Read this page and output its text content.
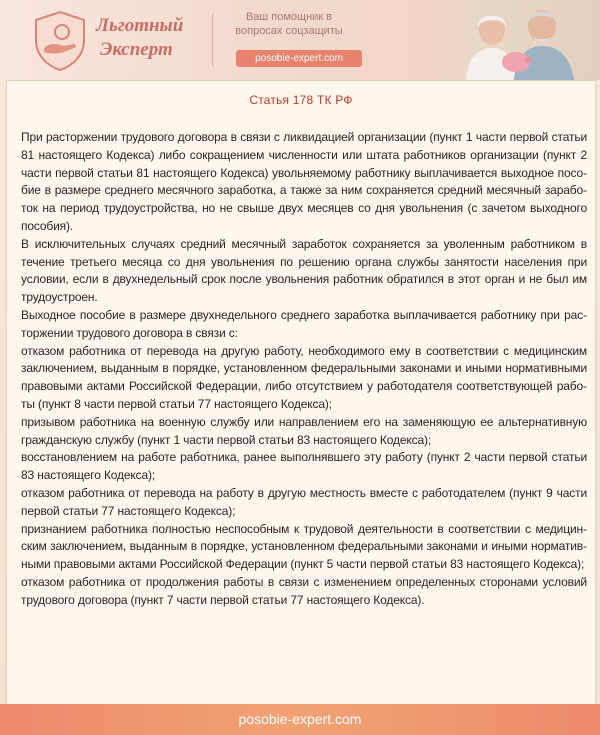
Льготный
Эксперт
Ваш помощник в вопросах соцзащиты
posobie-expert.com
Статья 178 ТК РФ

При расторжении трудового договора в связи с ликвидацией организации (пункт 1 части первой статьи 81 настоящего Кодекса) либо сокращением численности или штата работников организации (пункт 2 части первой статьи 81 настоящего Кодекса) увольняемому работнику выплачивается выходное пособие в размере среднего месячного заработка, а также за ним сохраняется средний месячный заработок на период трудоустройства, но не свыше двух месяцев со дня увольнения (с зачетом выходного пособия).

В исключительных случаях средний месячный заработок сохраняется за уволенным работником в течение третьего месяца со дня увольнения по решению органа службы занятости населения при условии, если в двухнедельный срок после увольнения работник обратился в этот орган и не был им трудоустроен.

Выходное пособие в размере двухнедельного среднего заработка выплачивается работнику при расторжении трудового договора в связи с:

отказом работника от перевода на другую работу, необходимого ему в соответствии с медицинским заключением, выданным в порядке, установленном федеральными законами и иными нормативными правовыми актами Российской Федерации, либо отсутствием у работодателя соответствующей работы (пункт 8 части первой статьи 77 настоящего Кодекса);

призывом работника на военную службу или направлением его на заменяющую ее альтернативную гражданскую службу (пункт 1 части первой статьи 83 настоящего Кодекса);

восстановлением на работе работника, ранее выполнявшего эту работу (пункт 2 части первой статьи 83 настоящего Кодекса);

отказом работника от перевода на работу в другую местность вместе с работодателем (пункт 9 части первой статьи 77 настоящего Кодекса);

признанием работника полностью неспособным к трудовой деятельности в соответствии с медицинским заключением, выданным в порядке, установленном федеральными законами и иными нормативными правовыми актами Российской Федерации (пункт 5 части первой статьи 83 настоящего Кодекса);

отказом работника от продолжения работы в связи с изменением определенных сторонами условий трудового договора (пункт 7 части первой статьи 77 настоящего Кодекса).

posobie-expert.com
